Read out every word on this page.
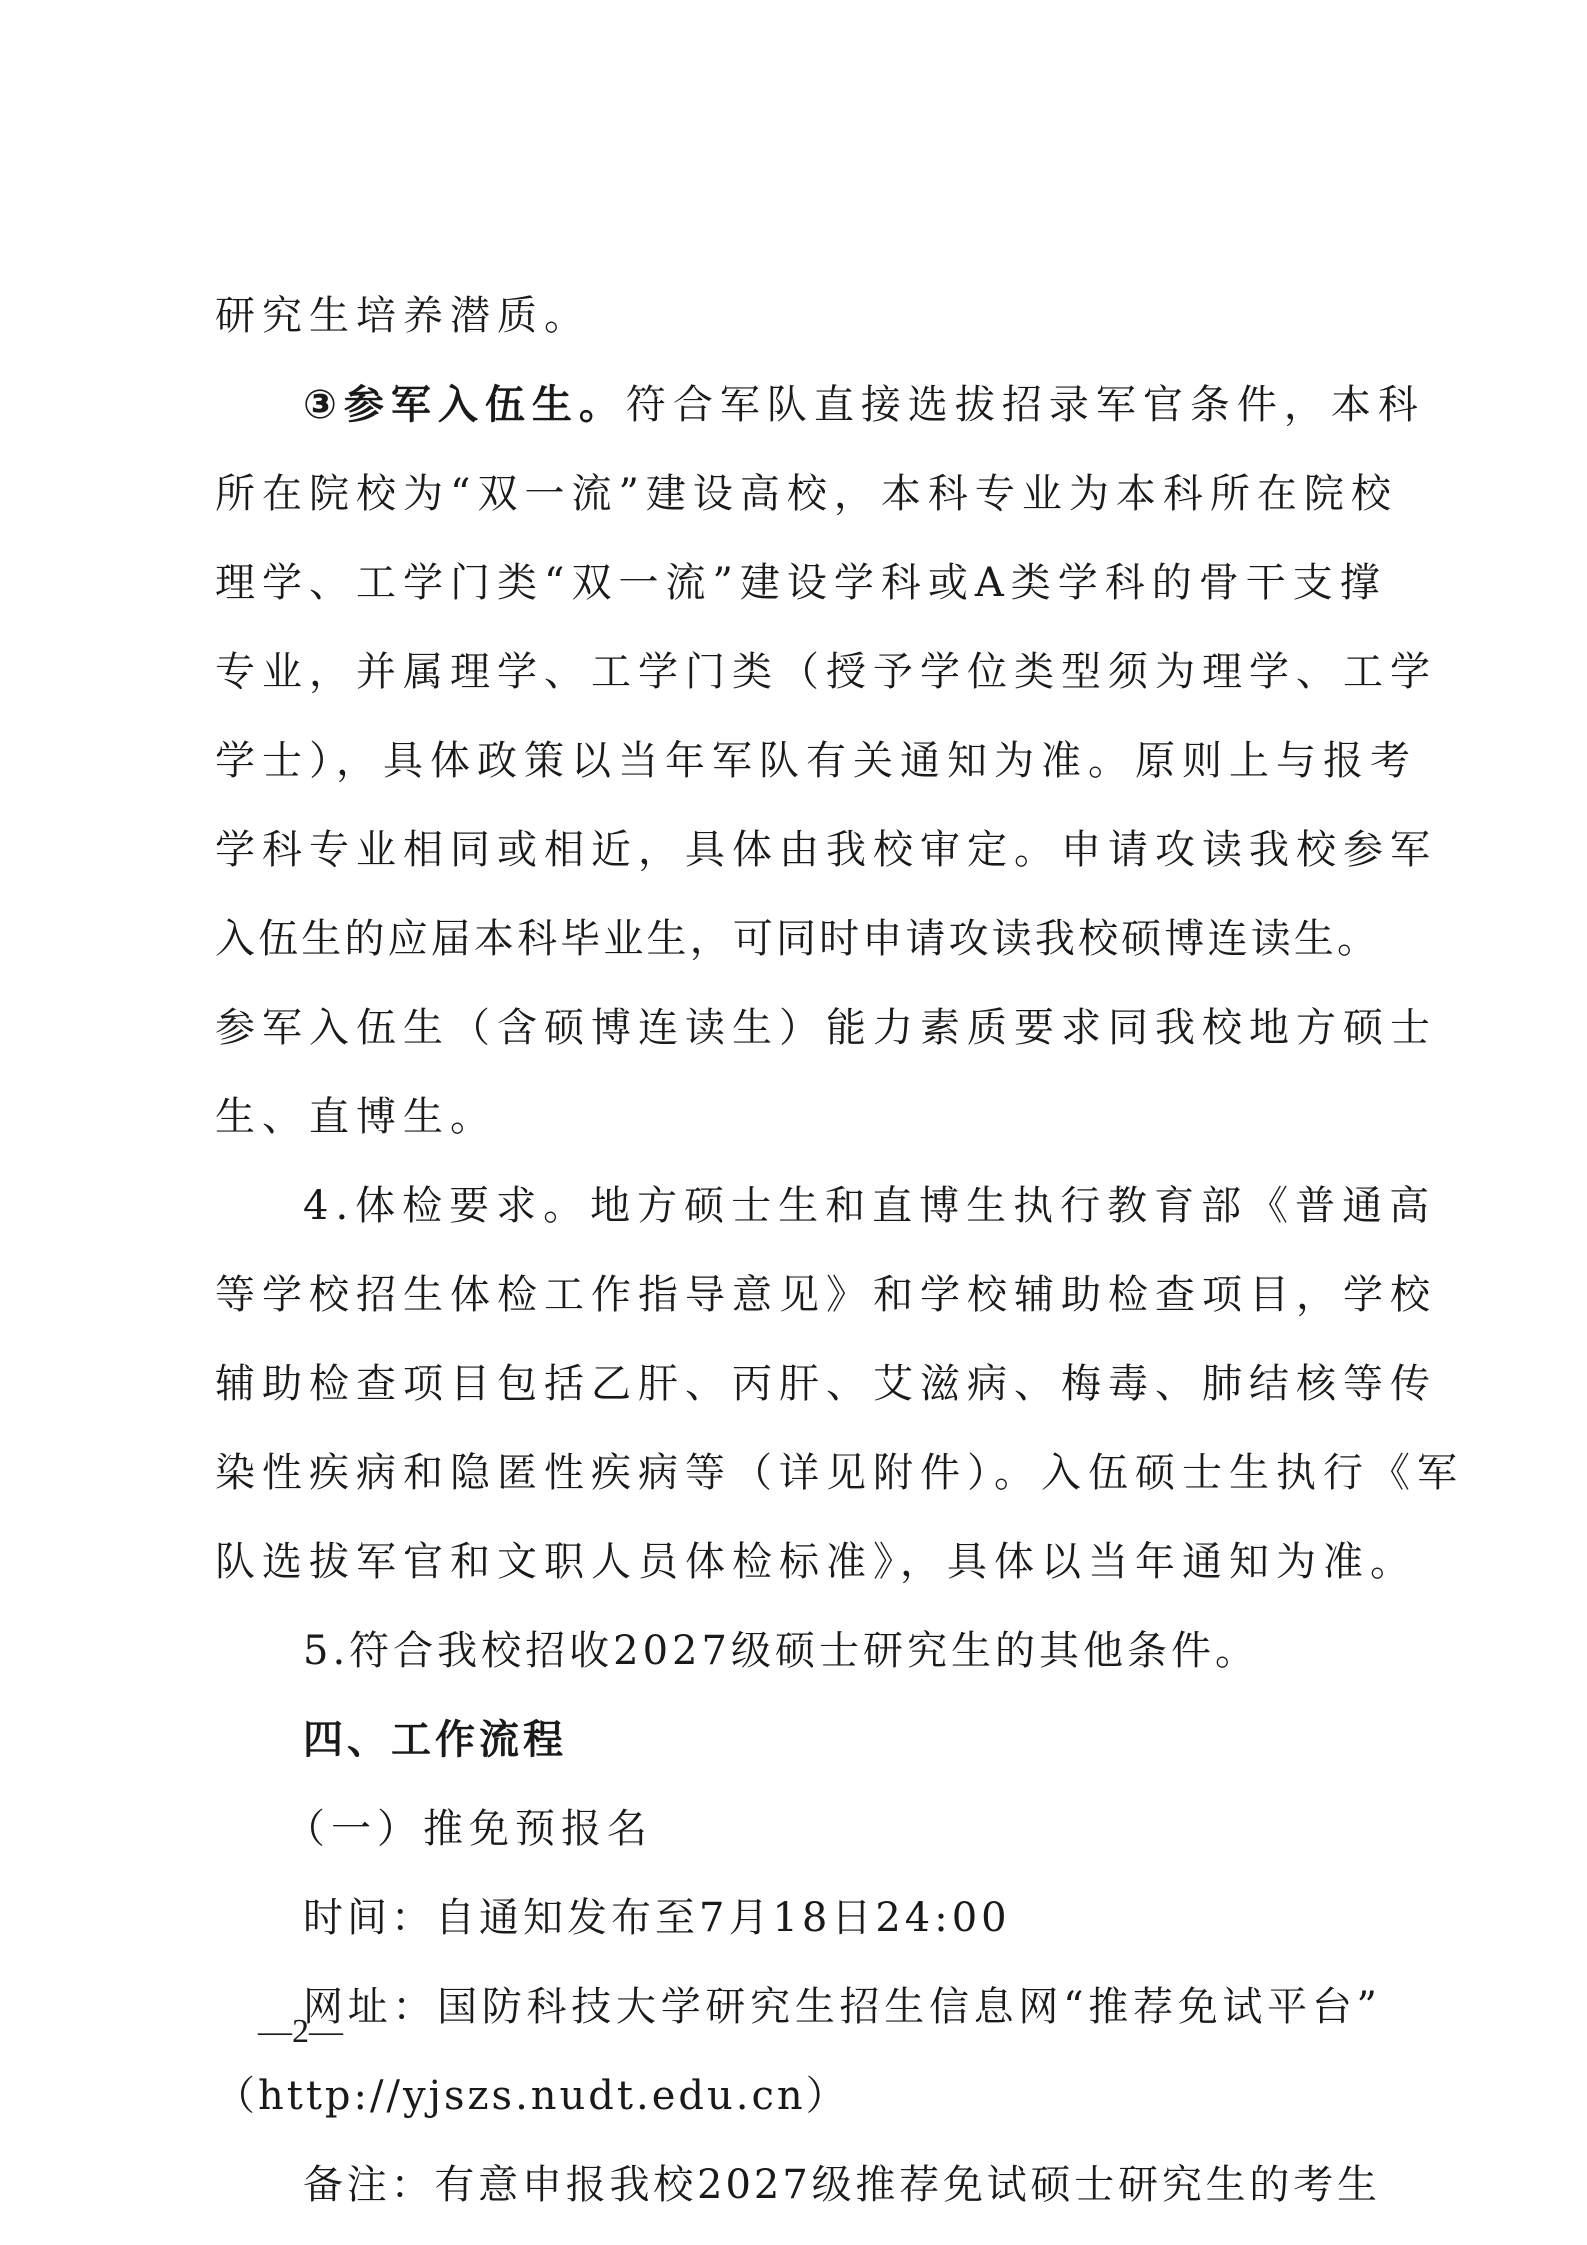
研究生培养潜质。
③参军入伍生。符合军队直接选拔招录军官条件，本科
所在院校为“双一流”建设高校，本科专业为本科所在院校
理学、工学门类“双一流”建设学科或A类学科的骨干支撑
专业，并属理学、工学门类（授予学位类型须为理学、工学
学士），具体政策以当年军队有关通知为准。原则上与报考
学科专业相同或相近，具体由我校审定。申请攻读我校参军
入伍生的应届本科毕业生，可同时申请攻读我校硕博连读生。
参军入伍生（含硕博连读生）能力素质要求同我校地方硕士
生、直博生。
4.体检要求。地方硕士生和直博生执行教育部《普通高
等学校招生体检工作指导意见》和学校辅助检查项目，学校
辅助检查项目包括乙肝、丙肝、艾滋病、梅毒、肺结核等传
染性疾病和隐匿性疾病等（详见附件）。入伍硕士生执行《军
队选拔军官和文职人员体检标准》，具体以当年通知为准。
5.符合我校招收2027级硕士研究生的其他条件。
四、工作流程
（一）推免预报名
时间：自通知发布至7月18日24:00
网址：国防科技大学研究生招生信息网“推荐免试平台”
（http://yjszs.nudt.edu.cn）
备注：有意申报我校2027级推荐免试硕士研究生的考生
—2—
